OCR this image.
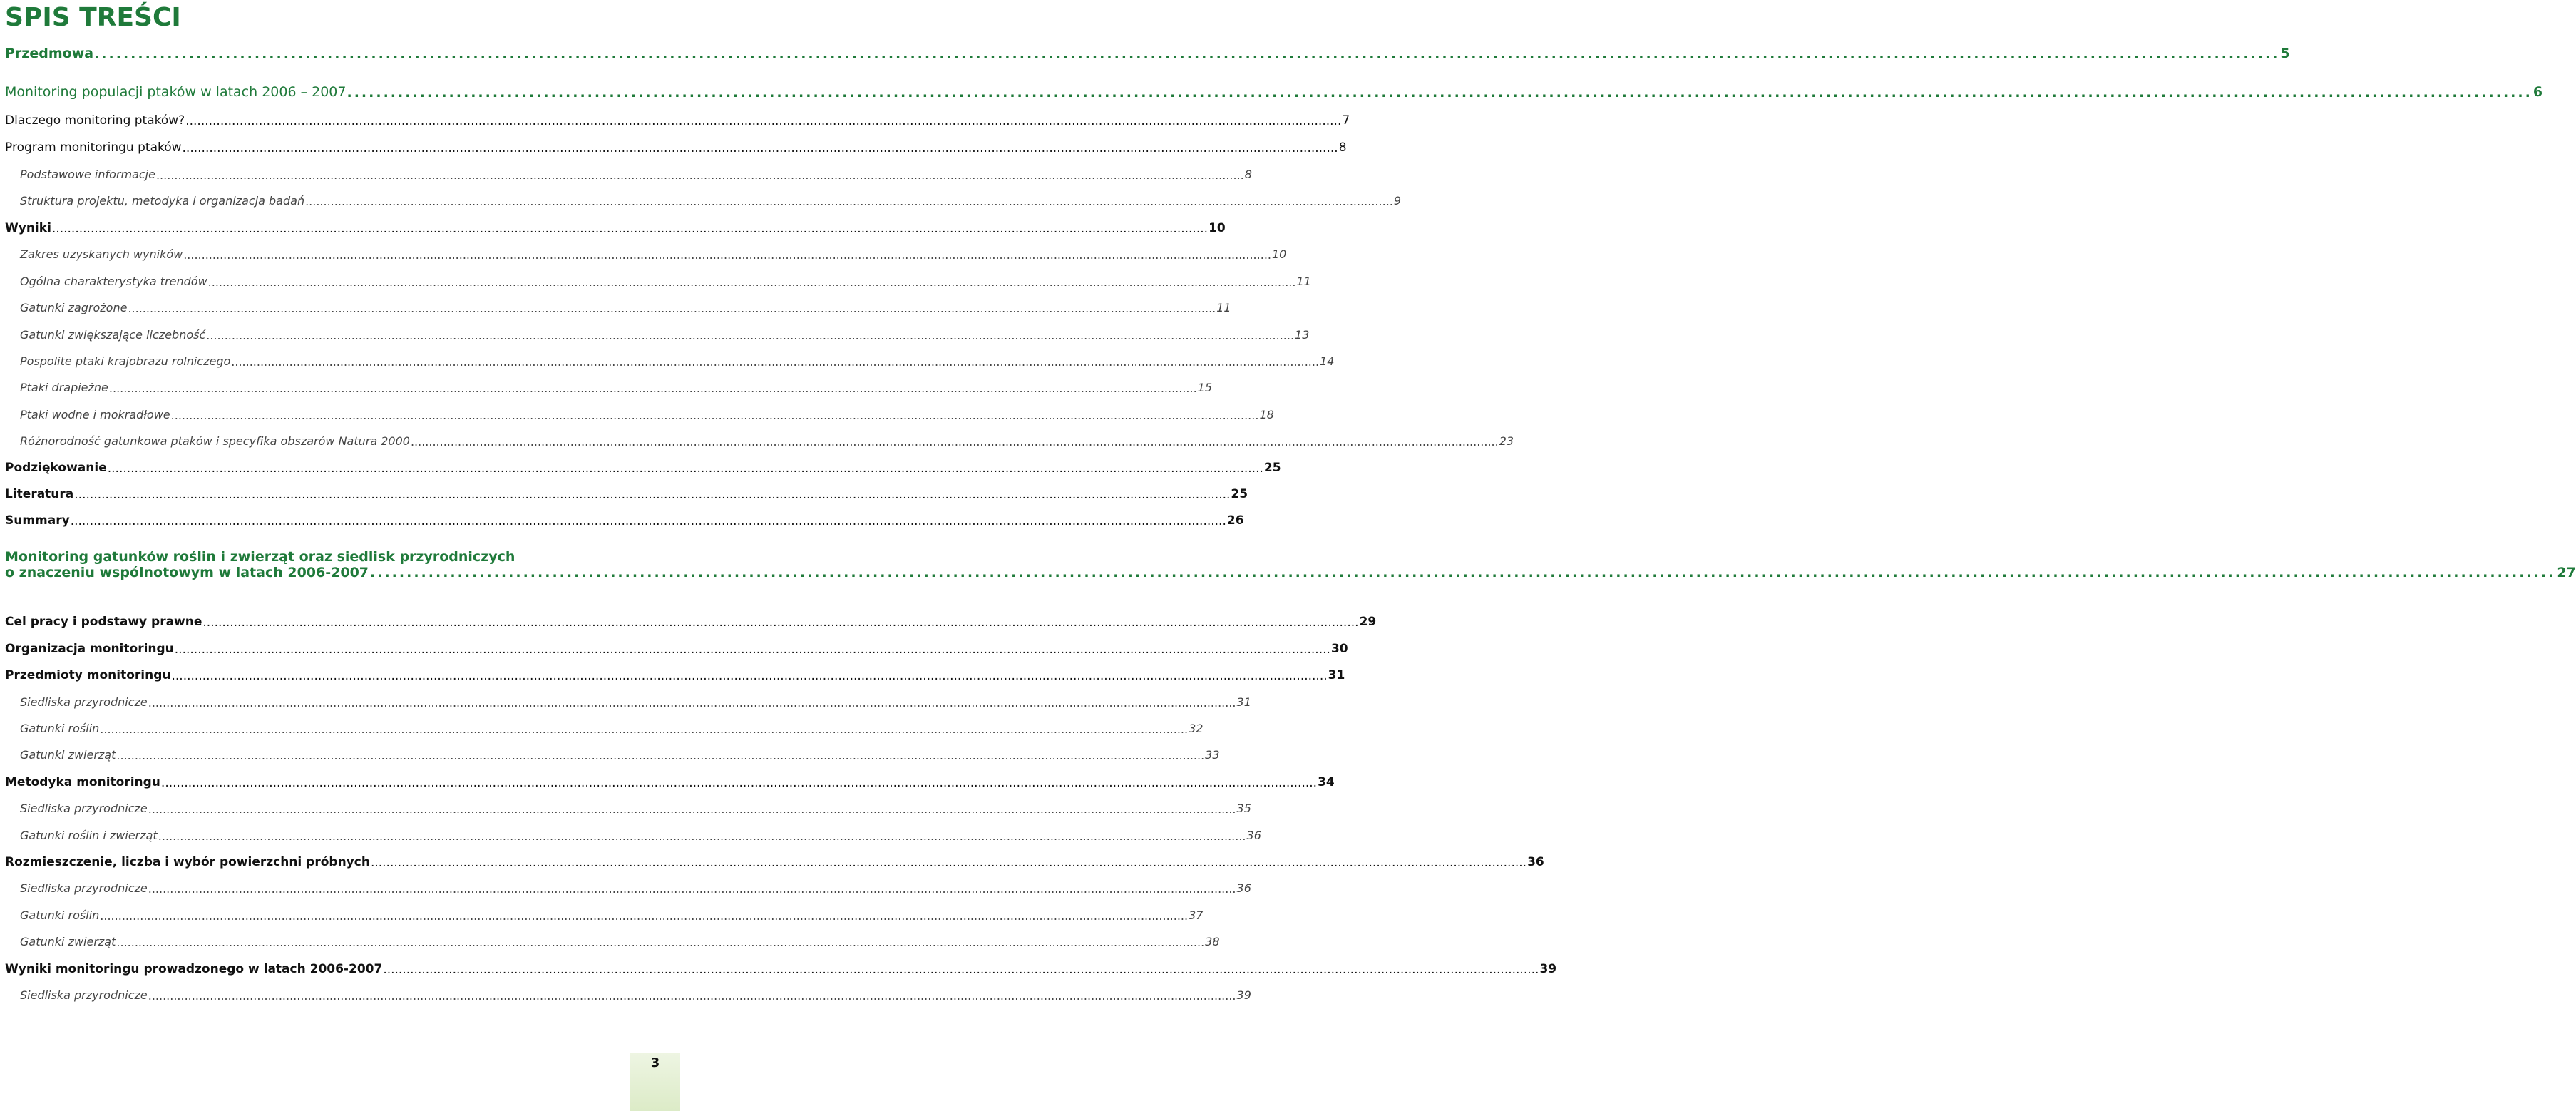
SPIS TREŚCI
Przedmowa ............................................................................................................................................................................................................................................................................................................ 5
Monitoring populacji ptaków w latach 2006 – 2007 ............................................................................................................................................................................................................................................................................................................ 6
Dlaczego monitoring ptaków? ............................................................................................................................................................................................................................................................................................................ 7
Program monitoringu ptaków ............................................................................................................................................................................................................................................................................................................ 8
Podstawowe informacje ............................................................................................................................................................................................................................................................................................................ 8
Struktura projektu, metodyka i organizacja badań ............................................................................................................................................................................................................................................................................................................ 9
Wyniki ............................................................................................................................................................................................................................................................................................................ 10
Zakres uzyskanych wyników ............................................................................................................................................................................................................................................................................................................ 10
Ogólna charakterystyka trendów ............................................................................................................................................................................................................................................................................................................ 11
Gatunki zagrożone ............................................................................................................................................................................................................................................................................................................ 11
Gatunki zwiększające liczebność ............................................................................................................................................................................................................................................................................................................ 13
Pospolite ptaki krajobrazu rolniczego ............................................................................................................................................................................................................................................................................................................ 14
Ptaki drapieżne ............................................................................................................................................................................................................................................................................................................ 15
Ptaki wodne i mokradłowe ............................................................................................................................................................................................................................................................................................................ 18
Różnorodność gatunkowa ptaków i specyfika obszarów Natura 2000 ............................................................................................................................................................................................................................................................................................................ 23
Podziękowanie ............................................................................................................................................................................................................................................................................................................ 25
Literatura ............................................................................................................................................................................................................................................................................................................ 25
Summary ............................................................................................................................................................................................................................................................................................................ 26
Monitoring gatunków roślin i zwierząt oraz siedlisk przyrodniczych
o znaczeniu wspólnotowym w latach 2006-2007 ............................................................................................................................................................................................................................................................................................................ 27
Cel pracy i podstawy prawne ............................................................................................................................................................................................................................................................................................................ 29
Organizacja monitoringu ............................................................................................................................................................................................................................................................................................................ 30
Przedmioty monitoringu ............................................................................................................................................................................................................................................................................................................ 31
Siedliska przyrodnicze ............................................................................................................................................................................................................................................................................................................ 31
Gatunki roślin ............................................................................................................................................................................................................................................................................................................ 32
Gatunki zwierząt ............................................................................................................................................................................................................................................................................................................ 33
Metodyka monitoringu ............................................................................................................................................................................................................................................................................................................ 34
Siedliska przyrodnicze ............................................................................................................................................................................................................................................................................................................ 35
Gatunki roślin i zwierząt ............................................................................................................................................................................................................................................................................................................ 36
Rozmieszczenie, liczba i wybór powierzchni próbnych ............................................................................................................................................................................................................................................................................................................ 36
Siedliska przyrodnicze ............................................................................................................................................................................................................................................................................................................ 36
Gatunki roślin ............................................................................................................................................................................................................................................................................................................ 37
Gatunki zwierząt ............................................................................................................................................................................................................................................................................................................ 38
Wyniki monitoringu prowadzonego w latach 2006-2007 ............................................................................................................................................................................................................................................................................................................ 39
Siedliska przyrodnicze ............................................................................................................................................................................................................................................................................................................ 39
3
